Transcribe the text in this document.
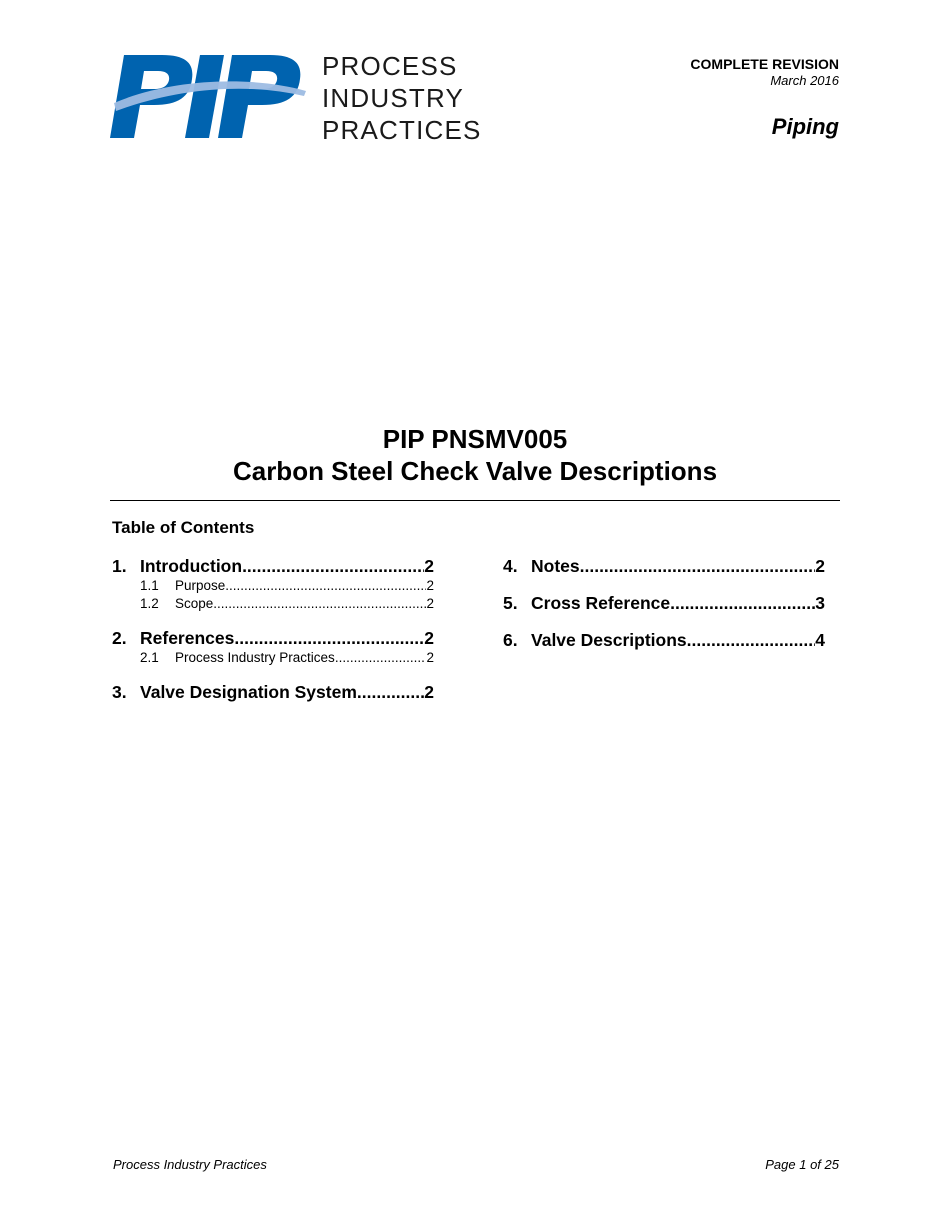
PROCESS
INDUSTRY
PRACTICES
COMPLETE REVISION
March 2016
Piping
PIP PNSMV005
Carbon Steel Check Valve Descriptions
Table of Contents
1. Introduction .....	2
1.1	Purpose .....	2
1.2	Scope .....	2
2. References .....	2
2.1	Process Industry Practices .....	2
3. Valve Designation System .....	2
4. Notes .....	2
5. Cross Reference .....	3
6. Valve Descriptions .....	4
Process Industry Practices	Page 1 of 25
